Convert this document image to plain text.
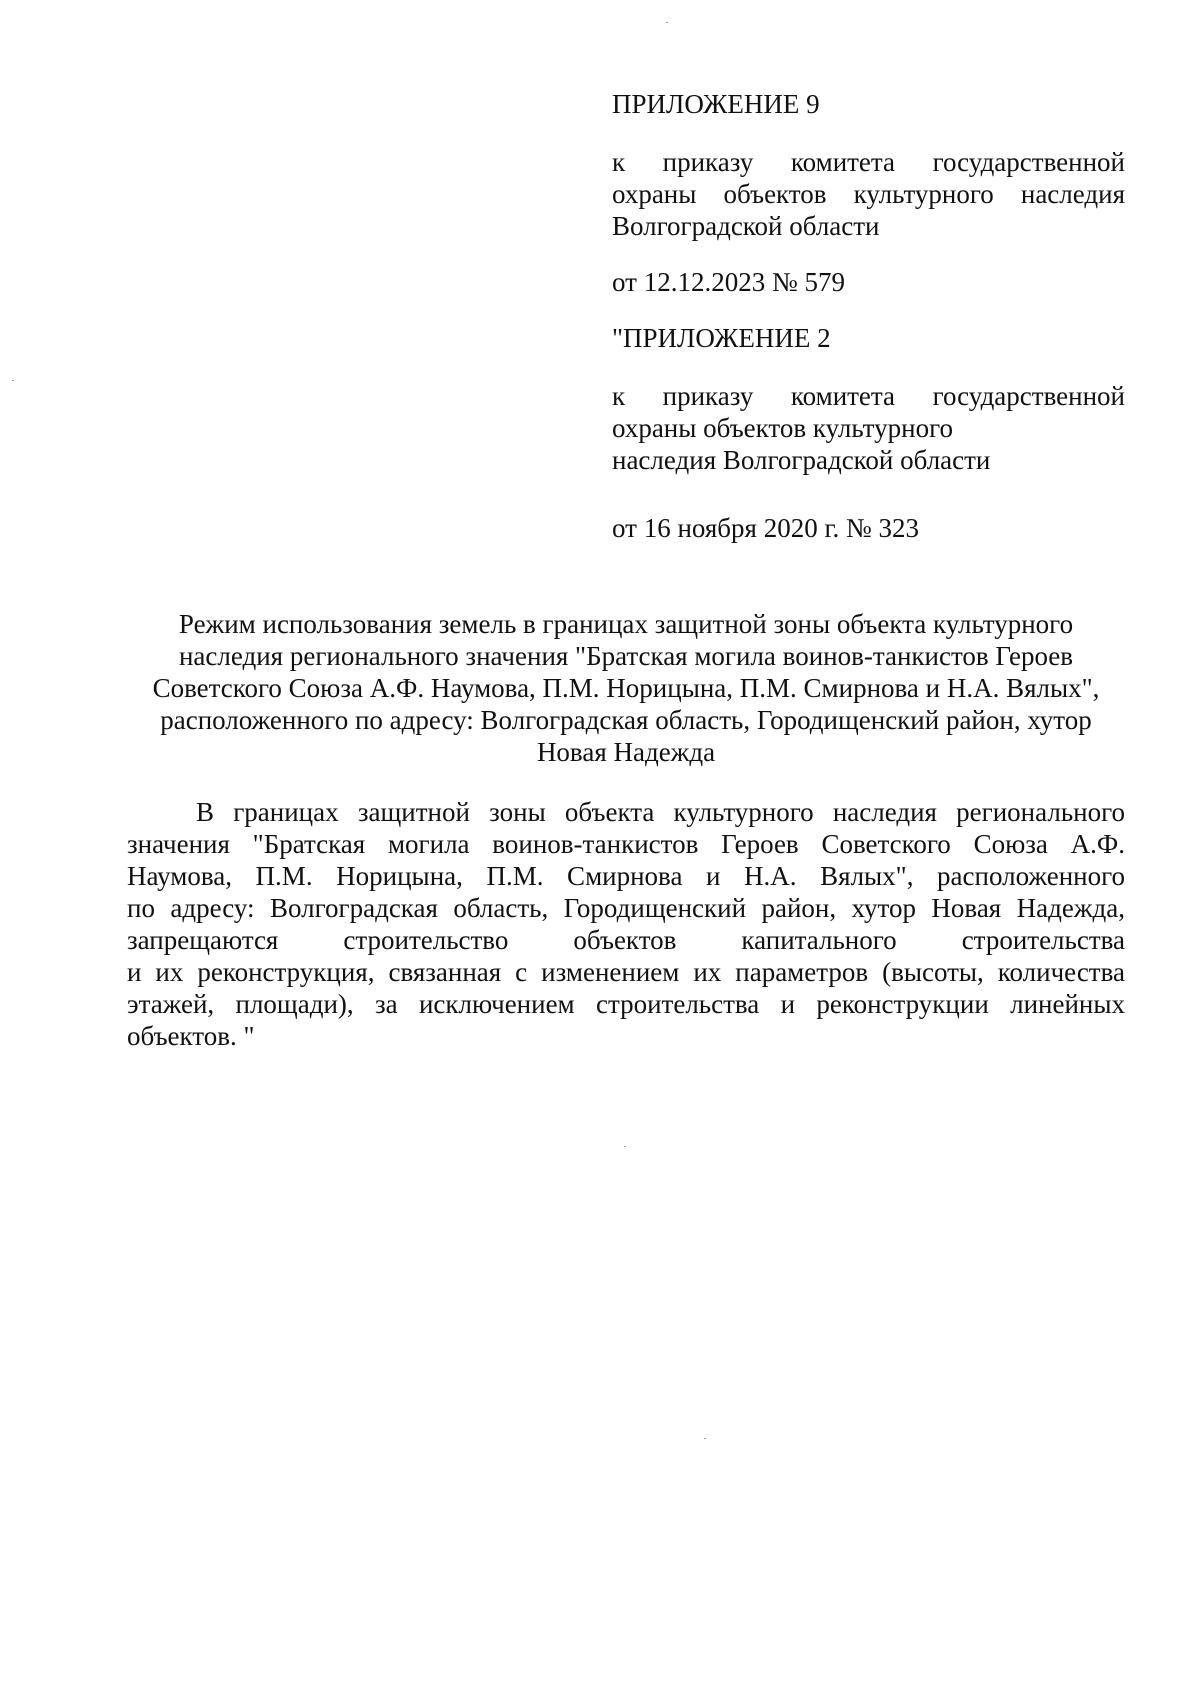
ПРИЛОЖЕНИЕ 9
к приказу комитета государственной
охраны объектов культурного наследия
Волгоградской области
от 12.12.2023 № 579
"ПРИЛОЖЕНИЕ 2
к приказу комитета государственной
охраны объектов культурного
наследия Волгоградской области
от 16 ноября 2020 г. № 323
Режим использования земель в границах защитной зоны объекта культурного
наследия регионального значения "Братская могила воинов-танкистов Героев
Советского Союза А.Ф. Наумова, П.М. Норицына, П.М. Смирнова и Н.А. Вялых",
расположенного по адресу: Волгоградская область, Городищенский район, хутор
Новая Надежда
В границах защитной зоны объекта культурного наследия регионального
значения "Братская могила воинов-танкистов Героев Советского Союза А.Ф.
Наумова, П.М. Норицына, П.М. Смирнова и Н.А. Вялых", расположенного
по адресу: Волгоградская область, Городищенский район, хутор Новая Надежда,
запрещаются строительство объектов капитального строительства
и их реконструкция, связанная с изменением их параметров (высоты, количества
этажей, площади), за исключением строительства и реконструкции линейных
объектов. "
